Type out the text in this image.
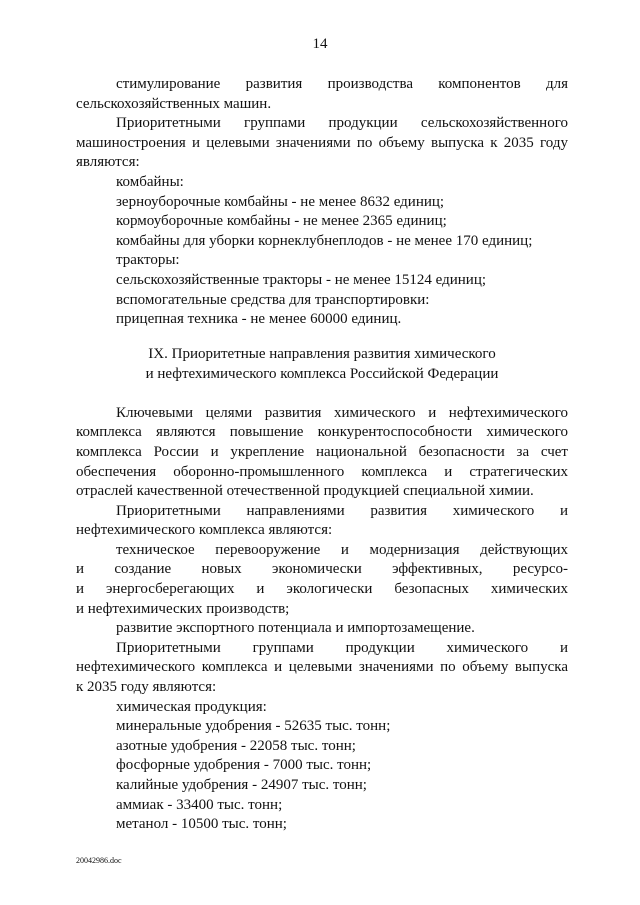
14

стимулирование развития производства компонентов для

сельскохозяйственных машин.

Приоритетными группами продукции сельскохозяйственного

машиностроения и целевыми значениями по объему выпуска к 2035 году

являются:

комбайны:

зерноуборочные комбайны - не менее 8632 единиц;

кормоуборочные комбайны - не менее 2365 единиц;

комбайны для уборки корнеклубнеплодов - не менее 170 единиц;

тракторы:

сельскохозяйственные тракторы - не менее 15124 единиц;

вспомогательные средства для транспортировки:

прицепная техника - не менее 60000 единиц.

IX. Приоритетные направления развития химического

и нефтехимического комплекса Российской Федерации

Ключевыми целями развития химического и нефтехимического

комплекса являются повышение конкурентоспособности химического

комплекса России и укрепление национальной безопасности за счет

обеспечения оборонно-промышленного комплекса и стратегических

отраслей качественной отечественной продукцией специальной химии.

Приоритетными направлениями развития химического и

нефтехимического комплекса являются:

техническое перевооружение и модернизация действующих

и создание новых экономически эффективных, ресурсо-

и энергосберегающих и экологически безопасных химических

и нефтехимических производств;

развитие экспортного потенциала и импортозамещение.

Приоритетными группами продукции химического и

нефтехимического комплекса и целевыми значениями по объему выпуска

к 2035 году являются:

химическая продукция:

минеральные удобрения - 52635 тыс. тонн;

азотные удобрения - 22058 тыс. тонн;

фосфорные удобрения - 7000 тыс. тонн;

калийные удобрения - 24907 тыс. тонн;

аммиак - 33400 тыс. тонн;

метанол - 10500 тыс. тонн;

20042986.doc
